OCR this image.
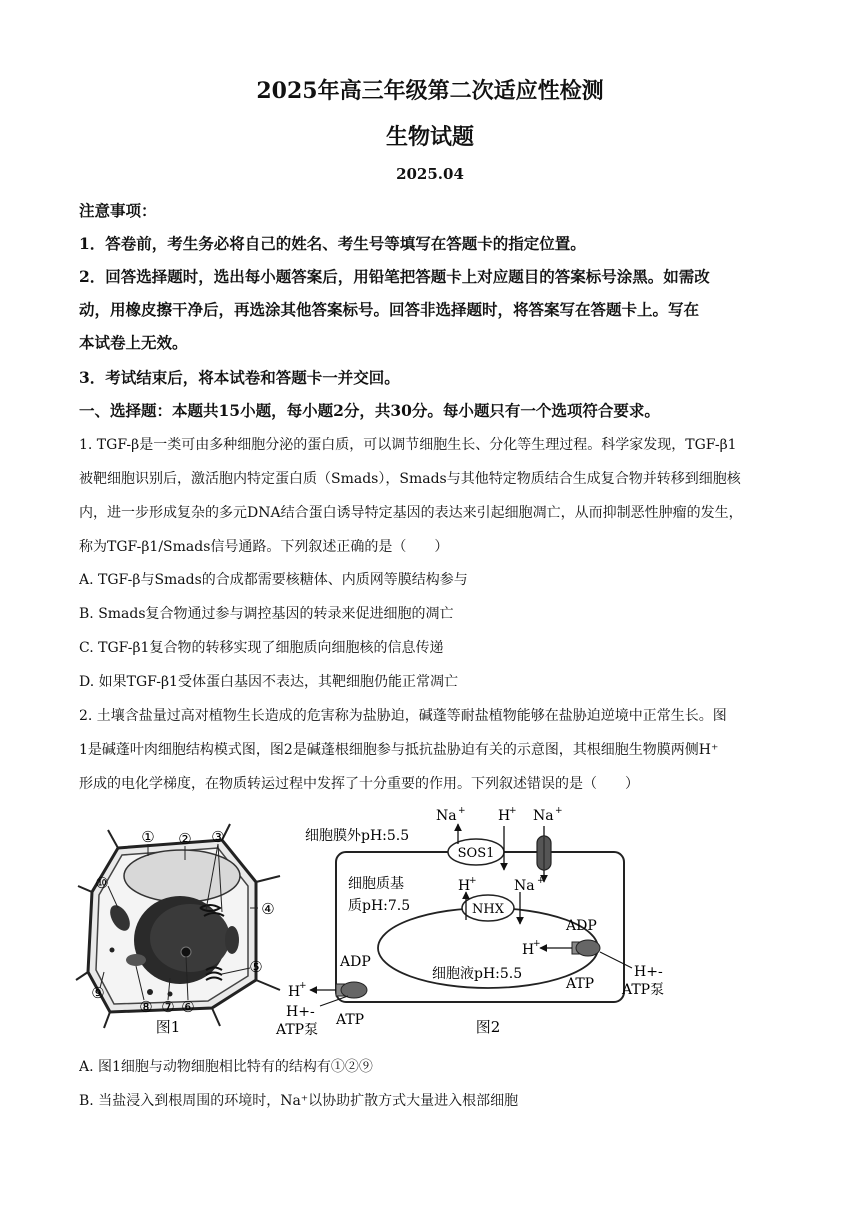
2025年高三年级第二次适应性检测
生物试题
2025.04
注意事项：
1．答卷前，考生务必将自己的姓名、考生号等填写在答题卡的指定位置。
2．回答选择题时，选出每小题答案后，用铅笔把答题卡上对应题目的答案标号涂黑。如需改
动，用橡皮擦干净后，再选涂其他答案标号。回答非选择题时，将答案写在答题卡上。写在
本试卷上无效。
3．考试结束后，将本试卷和答题卡一并交回。
一、选择题：本题共15小题，每小题2分，共30分。每小题只有一个选项符合要求。
1. TGF-β是一类可由多种细胞分泌的蛋白质，可以调节细胞生长、分化等生理过程。科学家发现，TGF-β1
被靶细胞识别后，激活胞内特定蛋白质（Smads），Smads与其他特定物质结合生成复合物并转移到细胞核
内，进一步形成复杂的多元DNA结合蛋白诱导特定基因的表达来引起细胞凋亡，从而抑制恶性肿瘤的发生，
称为TGF-β1/Smads信号通路。下列叙述正确的是（　　）
A. TGF-β与Smads的合成都需要核糖体、内质网等膜结构参与
B. Smads复合物通过参与调控基因的转录来促进细胞的凋亡
C. TGF-β1复合物的转移实现了细胞质向细胞核的信息传递
D. 如果TGF-β1受体蛋白基因不表达，其靶细胞仍能正常凋亡
2. 土壤含盐量过高对植物生长造成的危害称为盐胁迫，碱蓬等耐盐植物能够在盐胁迫逆境中正常生长。图
1是碱蓬叶肉细胞结构模式图，图2是碱蓬根细胞参与抵抗盐胁迫有关的示意图，其根细胞生物膜两侧H⁺
形成的电化学梯度，在物质转运过程中发挥了十分重要的作用。下列叙述错误的是（　　）
① ② ③
④
⑤
⑥
⑦
⑧
⑨
⑩
图1
细胞膜外pH:5.5
细胞质基
质pH:7.5
细胞液pH:5.5
SOS1
Na + H
+ Na +
NHX
H
+	Na +
H
+
ADP
ATP
H+-
ATP泵
H
+
ADP
ATP
H+-
ATP泵	图2
A. 图1细胞与动物细胞相比特有的结构有①②⑨
B. 当盐浸入到根周围的环境时，Na⁺以协助扩散方式大量进入根部细胞
